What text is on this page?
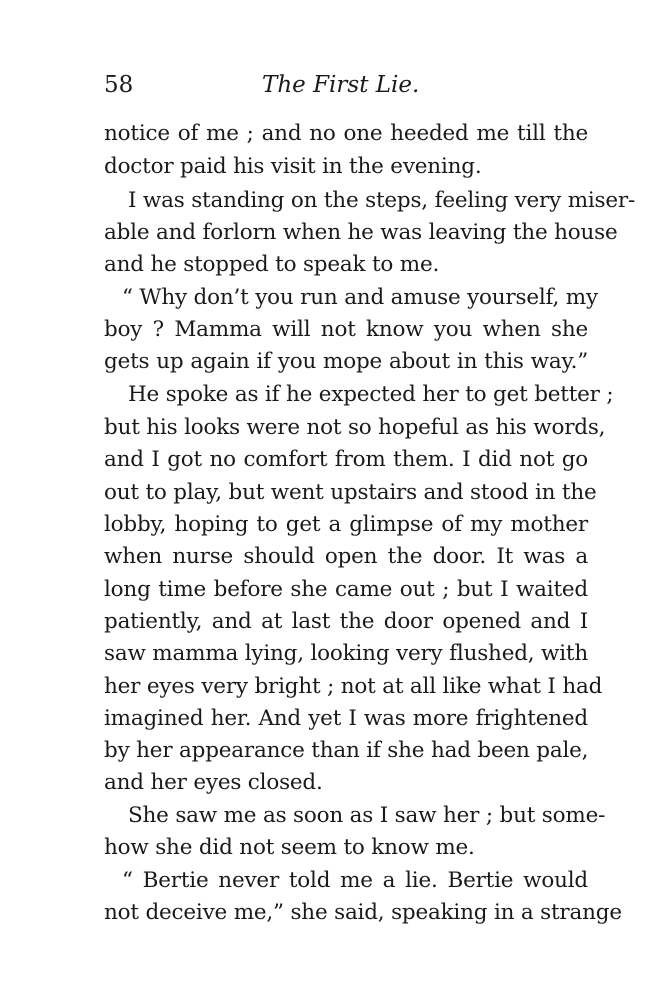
58	The First Lie.
notice of me ; and no one heeded me till the
doctor paid his visit in the evening.
I was standing on the steps, feeling very miser-
able and forlorn when he was leaving the house
and he stopped to speak to me.
“ Why don’t you run and amuse yourself, my
boy ? Mamma will not know you when she
gets up again if you mope about in this way.”
He spoke as if he expected her to get better ;
but his looks were not so hopeful as his words,
and I got no comfort from them. I did not go
out to play, but went upstairs and stood in the
lobby, hoping to get a glimpse of my mother
when nurse should open the door. It was a
long time before she came out ; but I waited
patiently, and at last the door opened and I
saw mamma lying, looking very flushed, with
her eyes very bright ; not at all like what I had
imagined her. And yet I was more frightened
by her appearance than if she had been pale,
and her eyes closed.
She saw me as soon as I saw her ; but some-
how she did not seem to know me.
“ Bertie never told me a lie. Bertie would
not deceive me,” she said, speaking in a strange
